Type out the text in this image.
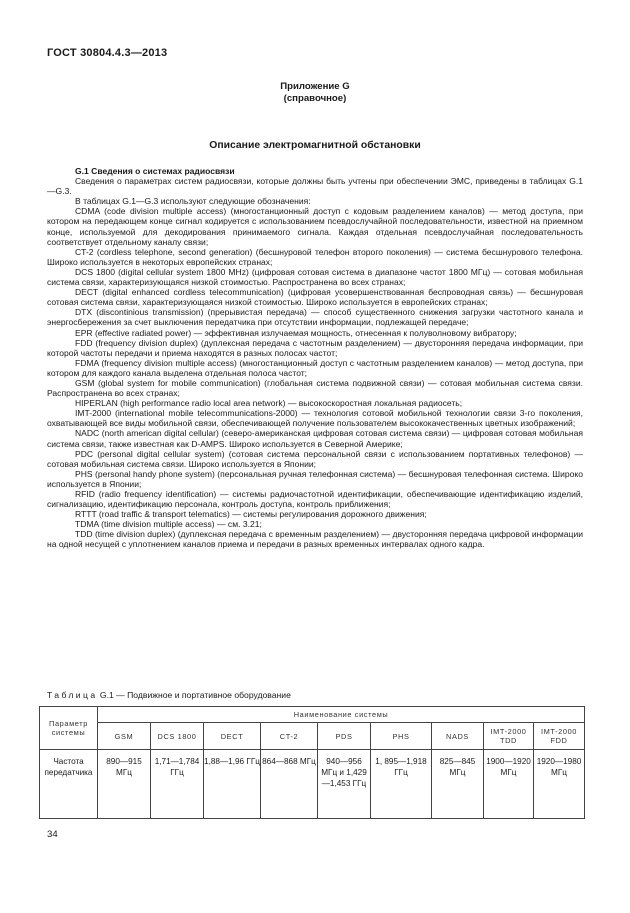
ГОСТ 30804.4.3—2013
Приложение G
(справочное)
Описание электромагнитной обстановки

G.1 Сведения о системах радиосвязи

Сведения о параметрах систем радиосвязи, которые должны быть учтены при обеспечении ЭМС, приведены в таблицах G.1—G.3.

В таблицах G.1—G.3 используют следующие обозначения:

CDMA (code division multiple access) (многостанционный доступ с кодовым разделением каналов) — метод доступа, при котором на передающем конце сигнал кодируется с использованием псевдослучайной последовательности, известной на приемном конце, используемой для декодирования принимаемого сигнала. Каждая отдельная псевдослучайная последовательность соответствует отдельному каналу связи;

CT-2 (cordless telephone, second generation) (бесшнуровой телефон второго поколения) — система бесшнурового телефона. Широко используется в некоторых европейских странах;

DCS 1800 (digital cellular system 1800 MHz) (цифровая сотовая система в диапазоне частот 1800 МГц) — сотовая мобильная система связи, характеризующаяся низкой стоимостью. Распространена во всех странах;

DECT (digital enhanced cordless telecommunication) (цифровая усовершенствованная беспроводная связь) — бесшнуровая сотовая система связи, характеризующаяся низкой стоимостью. Широко используется в европейских странах;

DTX (discontinious transmission) (прерывистая передача) — способ существенного снижения загрузки частотного канала и энергосбережения за счет выключения передатчика при отсутствии информации, подлежащей передаче;

EPR (effective radiated power) — эффективная излучаемая мощность, отнесенная к полуволновому вибратору;

FDD (frequency division duplex) (дуплексная передача с частотным разделением) — двусторонняя передача информации, при которой частоты передачи и приема находятся в разных полосах частот;

FDMA (frequency division multiple access) (многостанционный доступ с частотным разделением каналов) — метод доступа, при котором для каждого канала выделена отдельная полоса частот;

GSM (global system for mobile communication) (глобальная система подвижной связи) — сотовая мобильная система связи. Распространена во всех странах;

HIPERLAN (high performance radio local area network) — высокоскоростная локальная радиосеть;

IMT-2000 (international mobile telecommunications-2000) — технология сотовой мобильной технологии связи 3-го поколения, охватывающей все виды мобильной связи, обеспечивающей получение пользователем высококачественных цветных изображений;

NADC (north american digital cellular) (северо-американская цифровая сотовая система связи) — цифровая сотовая мобильная система связи, также известная как D-AMPS. Широко используется в Северной Америке;

PDC (personal digital cellular system) (сотовая система персональной связи с использованием портативных телефонов) — сотовая мобильная система связи. Широко используется в Японии;

PHS (personal handy phone system) (персональная ручная телефонная система) — бесшнуровая телефонная система. Широко используется в Японии;

RFID (radio frequency identification) — системы радиочастотной идентификации, обеспечивающие идентификацию изделий, сигнализацию, идентификацию персонала, контроль доступа, контроль приближения;

RTTT (road traffic & transport telematics) — системы регулирования дорожного движения;

TDMA (time division multiple access) — см. 3.21;

TDD (time division duplex) (дуплексная передача с временным разделением) — двусторонняя передача цифровой информации на одной несущей с уплотнением каналов приема и передачи в разных временных интервалах одного кадра.

Таблица G.1 — Подвижное и портативное оборудование
Параметр системы	Наименование системы								
	GSM	DCS 1800	DECT	CT-2	PDS	PHS	NADS	IMT-2000 TDD	IMT-2000 FDD
Частота передатчика	890—915 МГц	1,71—1,784 ГГц	1,88—1,96 ГГц	864—868 МГц	940—956 МГц и 1,429—1,453 ГГц	1, 895—1,918 ГГц	825—845 МГц	1900—1920 МГц	1920—1980 МГц
34
